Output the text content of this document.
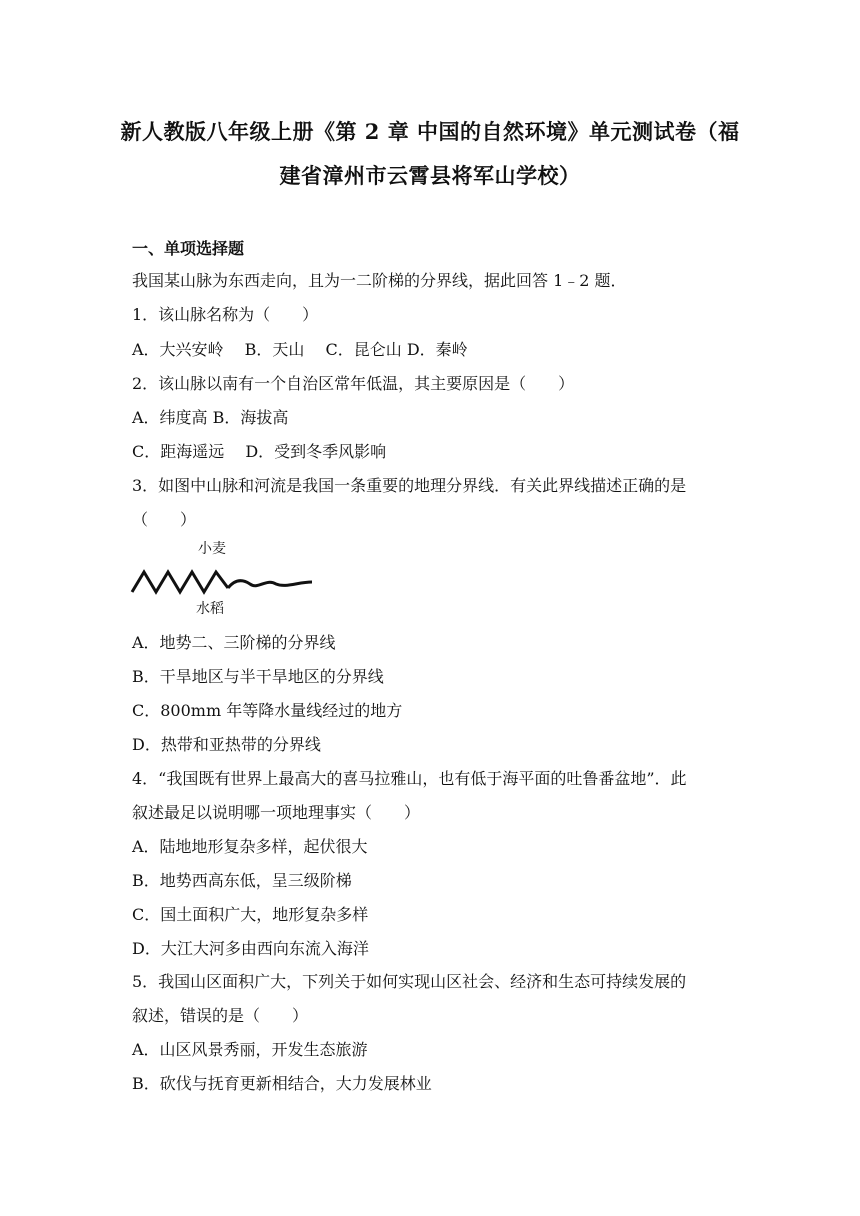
新人教版八年级上册《第 2 章 中国的自然环境》单元测试卷（福
建省漳州市云霄县将军山学校）
一、单项选择题
我国某山脉为东西走向，且为一二阶梯的分界线，据此回答 1﹣2 题．
1．该山脉名称为（　　）
A．大兴安岭　 B．天山　 C．昆仑山 D．秦岭
2．该山脉以南有一个自治区常年低温，其主要原因是（　　）
A．纬度高 B．海拔高
C．距海遥远　 D．受到冬季风影响
3．如图中山脉和河流是我国一条重要的地理分界线．有关此界线描述正确的是
（　　）
小麦
水稻
A．地势二、三阶梯的分界线
B．干旱地区与半干旱地区的分界线
C．800mm 年等降水量线经过的地方
D．热带和亚热带的分界线
4．“我国既有世界上最高大的喜马拉雅山，也有低于海平面的吐鲁番盆地”．此
叙述最足以说明哪一项地理事实（　　）
A．陆地地形复杂多样，起伏很大
B．地势西高东低，呈三级阶梯
C．国土面积广大，地形复杂多样
D．大江大河多由西向东流入海洋
5．我国山区面积广大，下列关于如何实现山区社会、经济和生态可持续发展的
叙述，错误的是（　　）
A．山区风景秀丽，开发生态旅游
B．砍伐与抚育更新相结合，大力发展林业
